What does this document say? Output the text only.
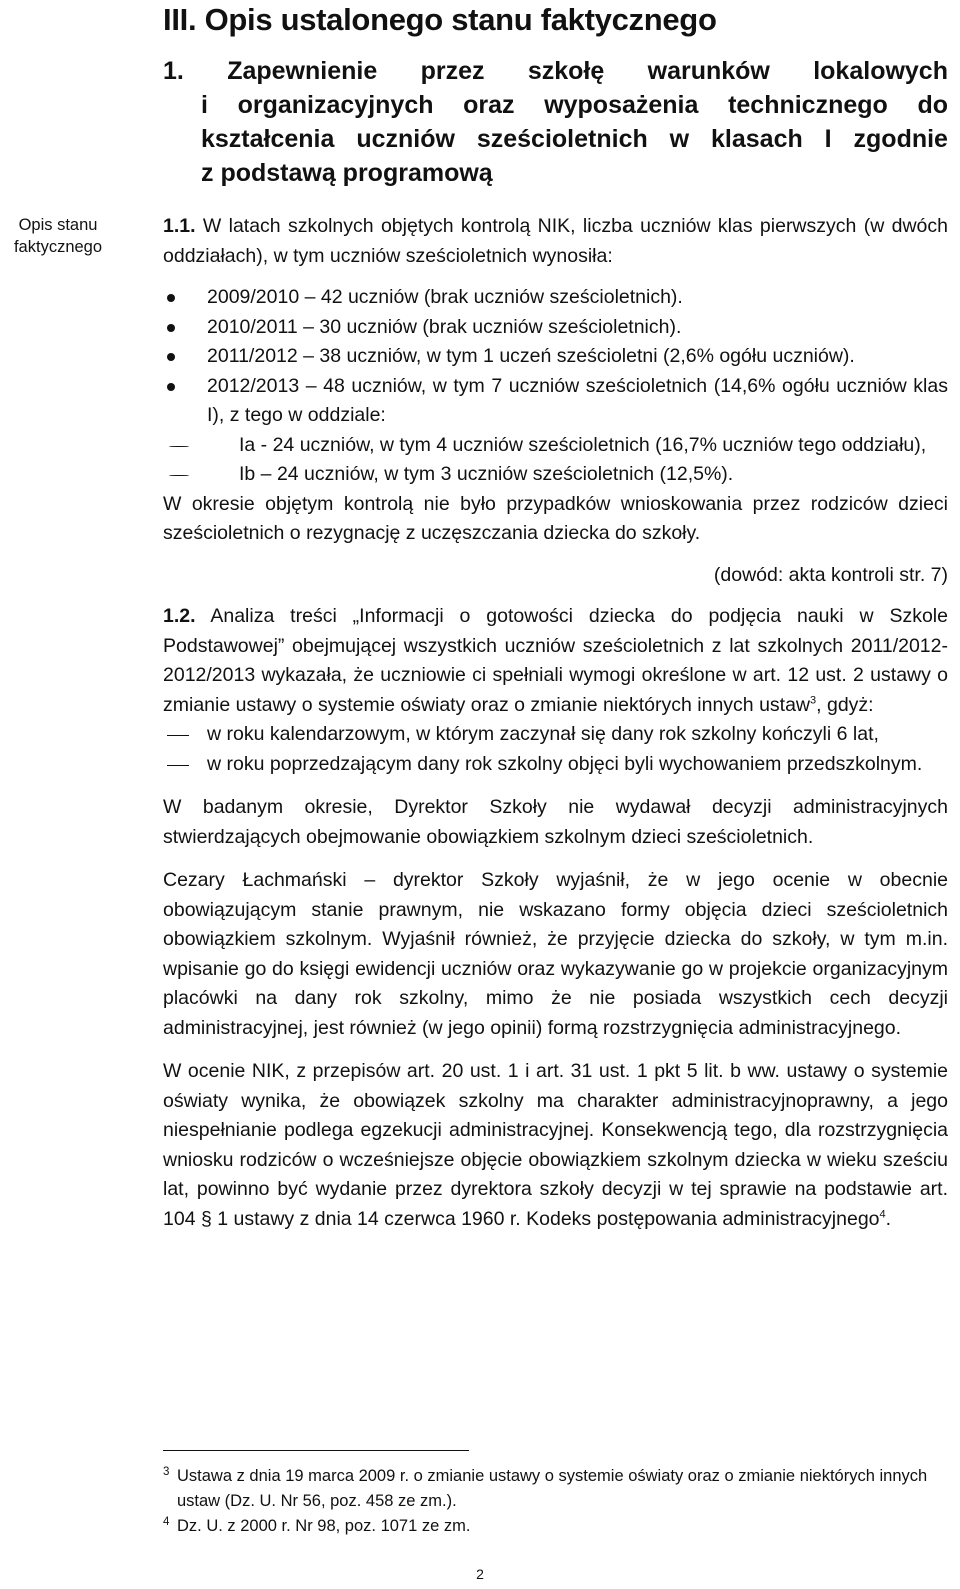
III. Opis ustalonego stanu faktycznego
1. Zapewnienie przez szkołę warunków lokalowych
i organizacyjnych oraz wyposażenia technicznego do
kształcenia uczniów sześcioletnich w klasach I zgodnie
z podstawą programową
Opis stanu
faktycznego

1.1. W latach szkolnych objętych kontrolą NIK, liczba uczniów klas pierwszych (w dwóch oddziałach), w tym uczniów sześcioletnich wynosiła:

2009/2010 – 42 uczniów (brak uczniów sześcioletnich).
2010/2011 – 30 uczniów (brak uczniów sześcioletnich).
2011/2012 – 38 uczniów, w tym 1 uczeń sześcioletni (2,6% ogółu uczniów).
2012/2013 – 48 uczniów, w tym 7 uczniów sześcioletnich (14,6% ogółu uczniów klas I), z tego w oddziale:
Ia - 24 uczniów, w tym 4 uczniów sześcioletnich (16,7% uczniów tego oddziału),
Ib – 24 uczniów, w tym 3 uczniów sześcioletnich (12,5%).

W okresie objętym kontrolą nie było przypadków wnioskowania przez rodziców dzieci sześcioletnich o rezygnację z uczęszczania dziecka do szkoły.

(dowód: akta kontroli str. 7)

1.2. Analiza treści „Informacji o gotowości dziecka do podjęcia nauki w Szkole Podstawowej” obejmującej wszystkich uczniów sześcioletnich z lat szkolnych 2011/2012-2012/2013 wykazała, że uczniowie ci spełniali wymogi określone w art. 12 ust. 2 ustawy o zmianie ustawy o systemie oświaty oraz o zmianie niektórych innych ustaw$^3$, gdyż:

w roku kalendarzowym, w którym zaczynał się dany rok szkolny kończyli 6 lat,
w roku poprzedzającym dany rok szkolny objęci byli wychowaniem przedszkolnym.

W badanym okresie, Dyrektor Szkoły nie wydawał decyzji administracyjnych stwierdzających obejmowanie obowiązkiem szkolnym dzieci sześcioletnich.

Cezary Łachmański – dyrektor Szkoły wyjaśnił, że w jego ocenie w obecnie obowiązującym stanie prawnym, nie wskazano formy objęcia dzieci sześcioletnich obowiązkiem szkolnym. Wyjaśnił również, że przyjęcie dziecka do szkoły, w tym m.in. wpisanie go do księgi ewidencji uczniów oraz wykazywanie go w projekcie organizacyjnym placówki na dany rok szkolny, mimo że nie posiada wszystkich cech decyzji administracyjnej, jest również (w jego opinii) formą rozstrzygnięcia administracyjnego.

W ocenie NIK, z przepisów art. 20 ust. 1 i art. 31 ust. 1 pkt 5 lit. b ww. ustawy o systemie oświaty wynika, że obowiązek szkolny ma charakter administracyjnoprawny, a jego niespełnianie podlega egzekucji administracyjnej. Konsekwencją tego, dla rozstrzygnięcia wniosku rodziców o wcześniejsze objęcie obowiązkiem szkolnym dziecka w wieku sześciu lat, powinno być wydanie przez dyrektora szkoły decyzji w tej sprawie na podstawie art. 104 § 1 ustawy z dnia 14 czerwca 1960 r. Kodeks postępowania administracyjnego$^4$.

3 Ustawa z dnia 19 marca 2009 r. o zmianie ustawy o systemie oświaty oraz o zmianie niektórych innych ustaw (Dz. U. Nr 56, poz. 458 ze zm.).
4 Dz. U. z 2000 r. Nr 98, poz. 1071 ze zm.
2
